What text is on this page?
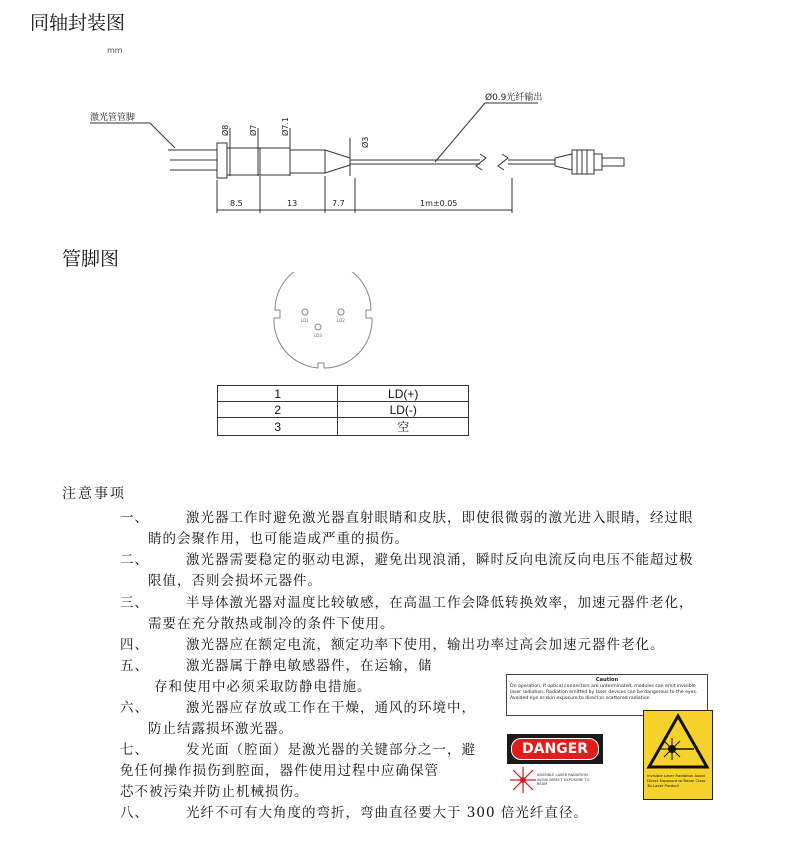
同轴封装图
mm
激光管管脚
Ø0.9光纤输出
Ø8 Ø7	Ø7.1
Ø3
8.5	13	7.7	1m±0.05
管脚图
LD1	LD2
LD3
1	LD(+)
2	LD(-)
3	空
注意事项
一、	激光器工作时避免激光器直射眼睛和皮肤，即使很微弱的激光进入眼睛，经过眼
睛的会聚作用，也可能造成严重的损伤。
二、	激光器需要稳定的驱动电源，避免出现浪涌，瞬时反向电流反向电压不能超过极
限值，否则会损坏元器件。
三、	半导体激光器对温度比较敏感，在高温工作会降低转换效率，加速元器件老化，
需要在充分散热或制冷的条件下使用。
四、	激光器应在额定电流，额定功率下使用，输出功率过高会加速元器件老化。
五、	激光器属于静电敏感器件，在运输，储
存和使用中必须采取防静电措施。
六、	激光器应存放或工作在干燥，通风的环境中，
防止结露损坏激光器。
七、	发光面（腔面）是激光器的关键部分之一，避
免任何操作损伤到腔面，器件使用过程中应确保管
芯不被污染并防止机械损伤。
八、	光纤不可有大角度的弯折，弯曲直径要大于 300 倍光纤直径。
Caution
On operation, If optical connectors are unterminated, modules can emit invisible laser radiation. Radiation emitted by laser devices can be dangerous to the eyes. Avoided eye or skin exposure to direct or scattered radiation
Invisible Laser Radiation Avoid Direct Exposure to Beam Class 3b Laser Product
DANGER
INVISIBLE LASER RADIATION AVOID DIRECT EXPOSURE TO BEAM
